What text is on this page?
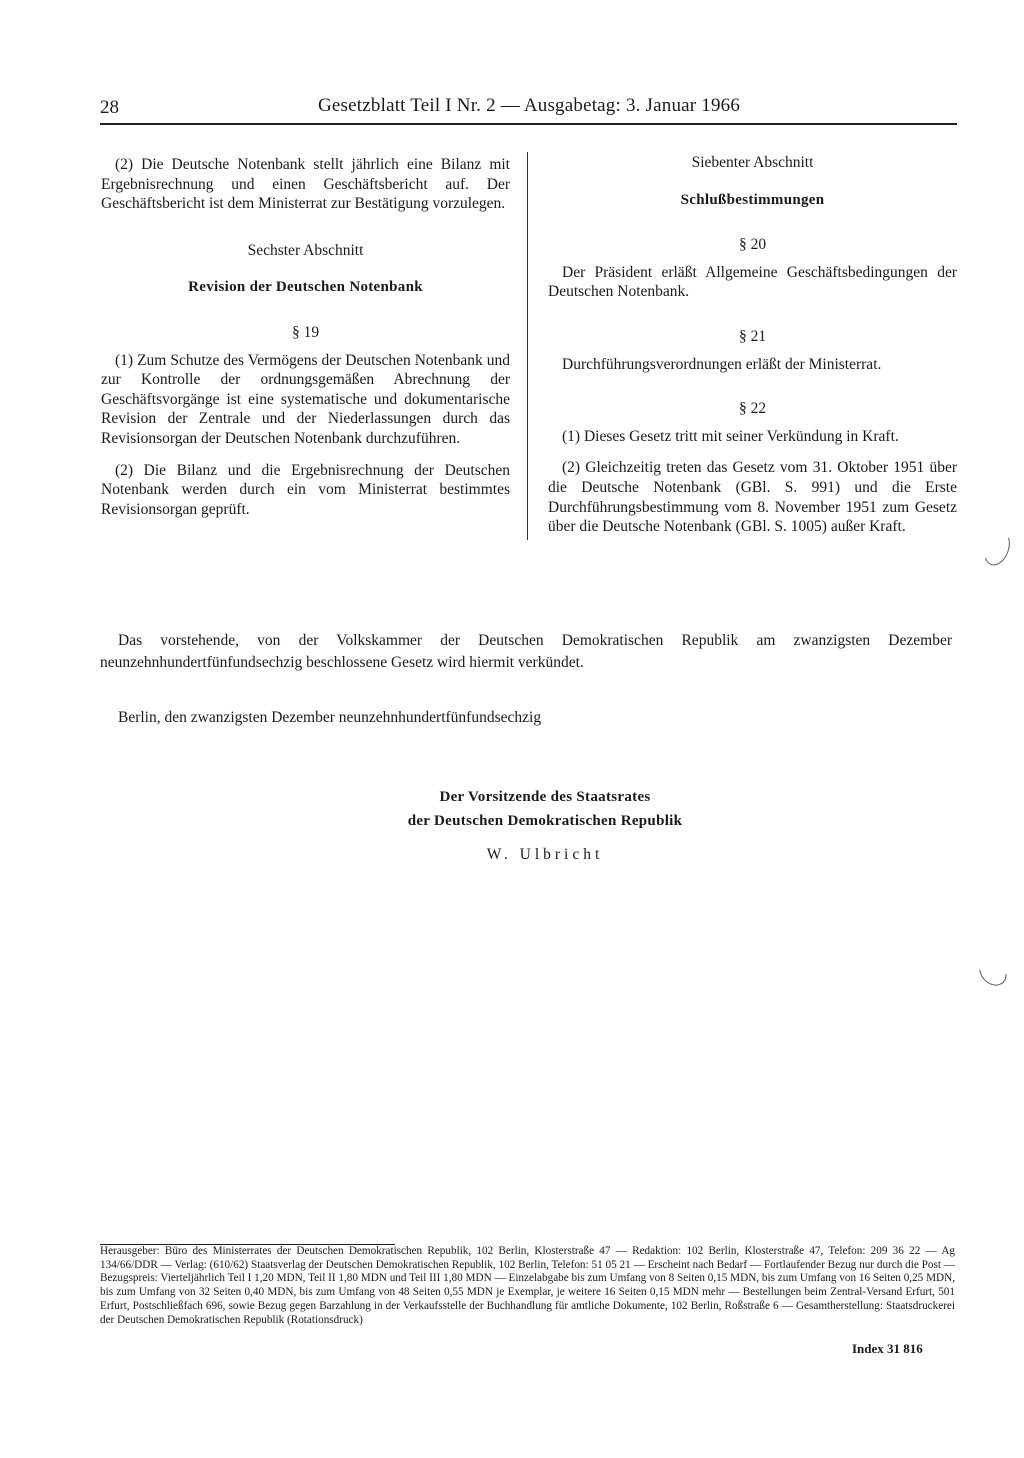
28	Gesetzblatt Teil I Nr. 2 — Ausgabetag: 3. Januar 1966

(2) Die Deutsche Notenbank stellt jährlich eine Bilanz mit Ergebnisrechnung und einen Geschäftsbericht auf. Der Geschäftsbericht ist dem Ministerrat zur Bestätigung vorzulegen.

Sechster Abschnitt

Revision der Deutschen Notenbank

§ 19

(1) Zum Schutze des Vermögens der Deutschen Notenbank und zur Kontrolle der ordnungsgemäßen Abrechnung der Geschäftsvorgänge ist eine systematische und dokumentarische Revision der Zentrale und der Niederlassungen durch das Revisionsorgan der Deutschen Notenbank durchzuführen.

(2) Die Bilanz und die Ergebnisrechnung der Deutschen Notenbank werden durch ein vom Ministerrat bestimmtes Revisionsorgan geprüft.

Siebenter Abschnitt

Schlußbestimmungen

§ 20

Der Präsident erläßt Allgemeine Geschäftsbedingungen der Deutschen Notenbank.

§ 21

Durchführungsverordnungen erläßt der Ministerrat.

§ 22

(1) Dieses Gesetz tritt mit seiner Verkündung in Kraft.

(2) Gleichzeitig treten das Gesetz vom 31. Oktober 1951 über die Deutsche Notenbank (GBl. S. 991) und die Erste Durchführungsbestimmung vom 8. November 1951 zum Gesetz über die Deutsche Notenbank (GBl. S. 1005) außer Kraft.

Das vorstehende, von der Volkskammer der Deutschen Demokratischen Republik am zwanzigsten Dezember neunzehnhundertfünfundsechzig beschlossene Gesetz wird hiermit verkündet.

Berlin, den zwanzigsten Dezember neunzehnhundertfünfundsechzig
Der Vorsitzende des Staatsrates
der Deutschen Demokratischen Republik
W. Ulbricht
Herausgeber: Büro des Ministerrates der Deutschen Demokratischen Republik, 102 Berlin, Klosterstraße 47 — Redaktion: 102 Berlin, Klosterstraße 47, Telefon: 209 36 22 — Ag 134/66/DDR — Verlag: (610/62) Staatsverlag der Deutschen Demokratischen Republik, 102 Berlin, Telefon: 51 05 21 — Erscheint nach Bedarf — Fortlaufender Bezug nur durch die Post — Bezugspreis: Vierteljährlich Teil I 1,20 MDN, Teil II 1,80 MDN und Teil III 1,80 MDN — Einzelabgabe bis zum Umfang von 8 Seiten 0,15 MDN, bis zum Umfang von 16 Seiten 0,25 MDN, bis zum Umfang von 32 Seiten 0,40 MDN, bis zum Umfang von 48 Seiten 0,55 MDN je Exemplar, je weitere 16 Seiten 0,15 MDN mehr — Bestellungen beim Zentral-Versand Erfurt, 501 Erfurt, Postschließfach 696, sowie Bezug gegen Barzahlung in der Verkaufsstelle der Buchhandlung für amtliche Dokumente, 102 Berlin, Roßstraße 6 — Gesamtherstellung: Staatsdruckerei der Deutschen Demokratischen Republik (Rotationsdruck)
Index 31 816
